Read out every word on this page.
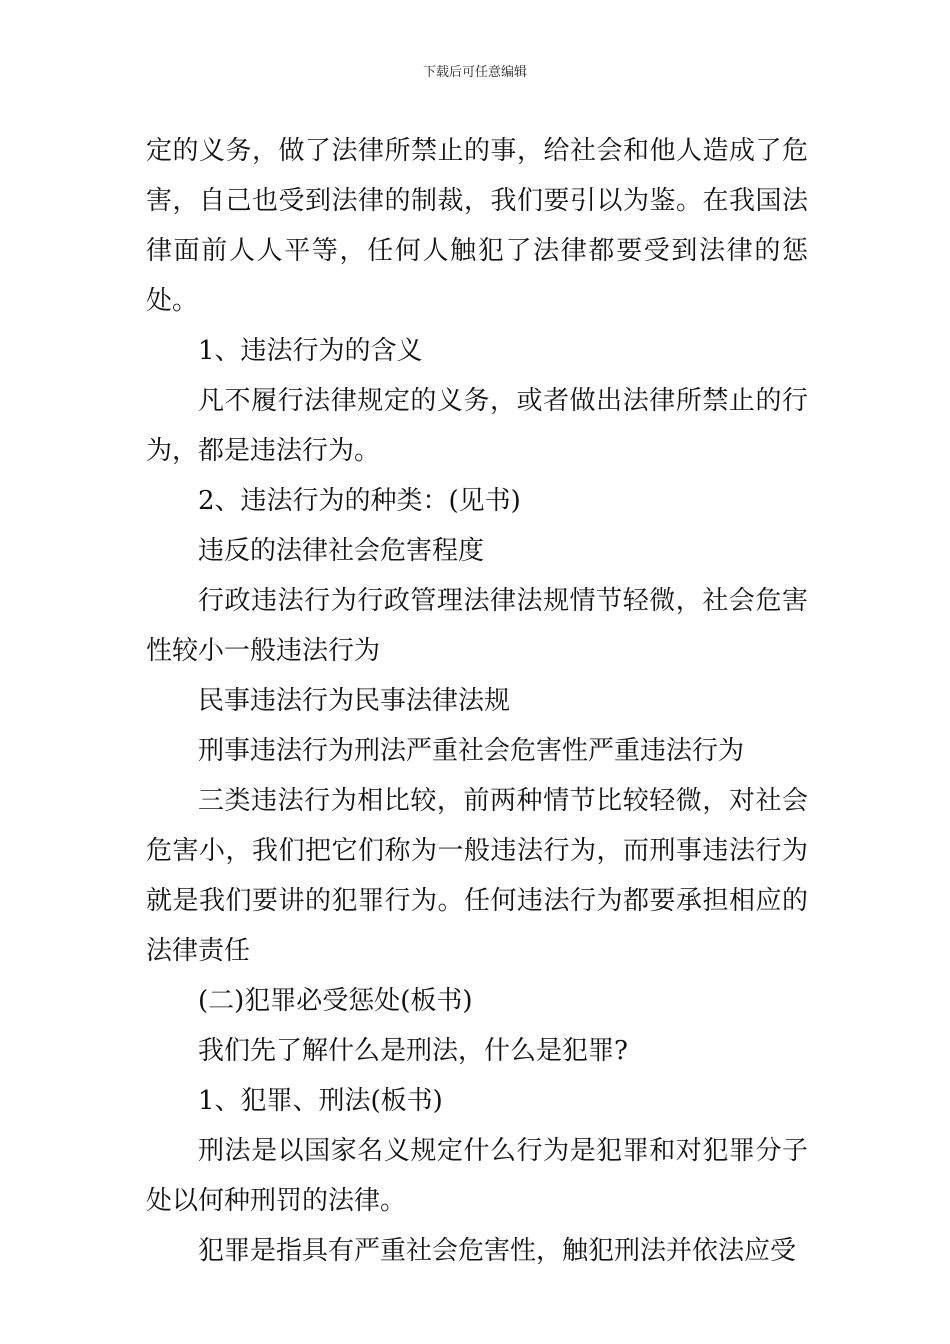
下载后可任意编辑

定的义务，做了法律所禁止的事，给社会和他人造成了危害，自己也受到法律的制裁，我们要引以为鉴。在我国法律面前人人平等，任何人触犯了法律都要受到法律的惩处。

1、违法行为的含义

凡不履行法律规定的义务，或者做出法律所禁止的行为，都是违法行为。

2、违法行为的种类：(见书)

违反的法律社会危害程度

行政违法行为行政管理法律法规情节轻微，社会危害性较小一般违法行为

民事违法行为民事法律法规

刑事违法行为刑法严重社会危害性严重违法行为

三类违法行为相比较，前两种情节比较轻微，对社会危害小，我们把它们称为一般违法行为，而刑事违法行为就是我们要讲的犯罪行为。任何违法行为都要承担相应的法律责任

(二)犯罪必受惩处(板书)

我们先了解什么是刑法，什么是犯罪?

1、犯罪、刑法(板书)

刑法是以国家名义规定什么行为是犯罪和对犯罪分子处以何种刑罚的法律。

犯罪是指具有严重社会危害性，触犯刑法并依法应受
